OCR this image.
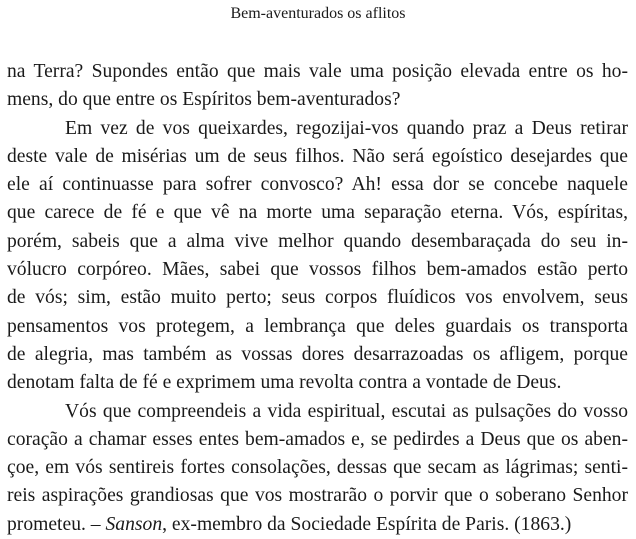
Bem-aventurados os aflitos
na Terra? Supondes então que mais vale uma posição elevada entre os ho-
mens, do que entre os Espíritos bem-aventurados?
Em vez de vos queixardes, regozijai-vos quando praz a Deus retirar
deste vale de misérias um de seus filhos. Não será egoístico desejardes que
ele aí continuasse para sofrer convosco? Ah! essa dor se concebe naquele
que carece de fé e que vê na morte uma separação eterna. Vós, espíritas,
porém, sabeis que a alma vive melhor quando desembaraçada do seu in-
vólucro corpóreo. Mães, sabei que vossos filhos bem-amados estão perto
de vós; sim, estão muito perto; seus corpos fluídicos vos envolvem, seus
pensamentos vos protegem, a lembrança que deles guardais os transporta
de alegria, mas também as vossas dores desarrazoadas os afligem, porque
denotam falta de fé e exprimem uma revolta contra a vontade de Deus.
Vós que compreendeis a vida espiritual, escutai as pulsações do vosso
coração a chamar esses entes bem-amados e, se pedirdes a Deus que os aben-
çoe, em vós sentireis fortes consolações, dessas que secam as lágrimas; senti-
reis aspirações grandiosas que vos mostrarão o porvir que o soberano Senhor
prometeu. – Sanson, ex-membro da Sociedade Espírita de Paris. (1863.)
